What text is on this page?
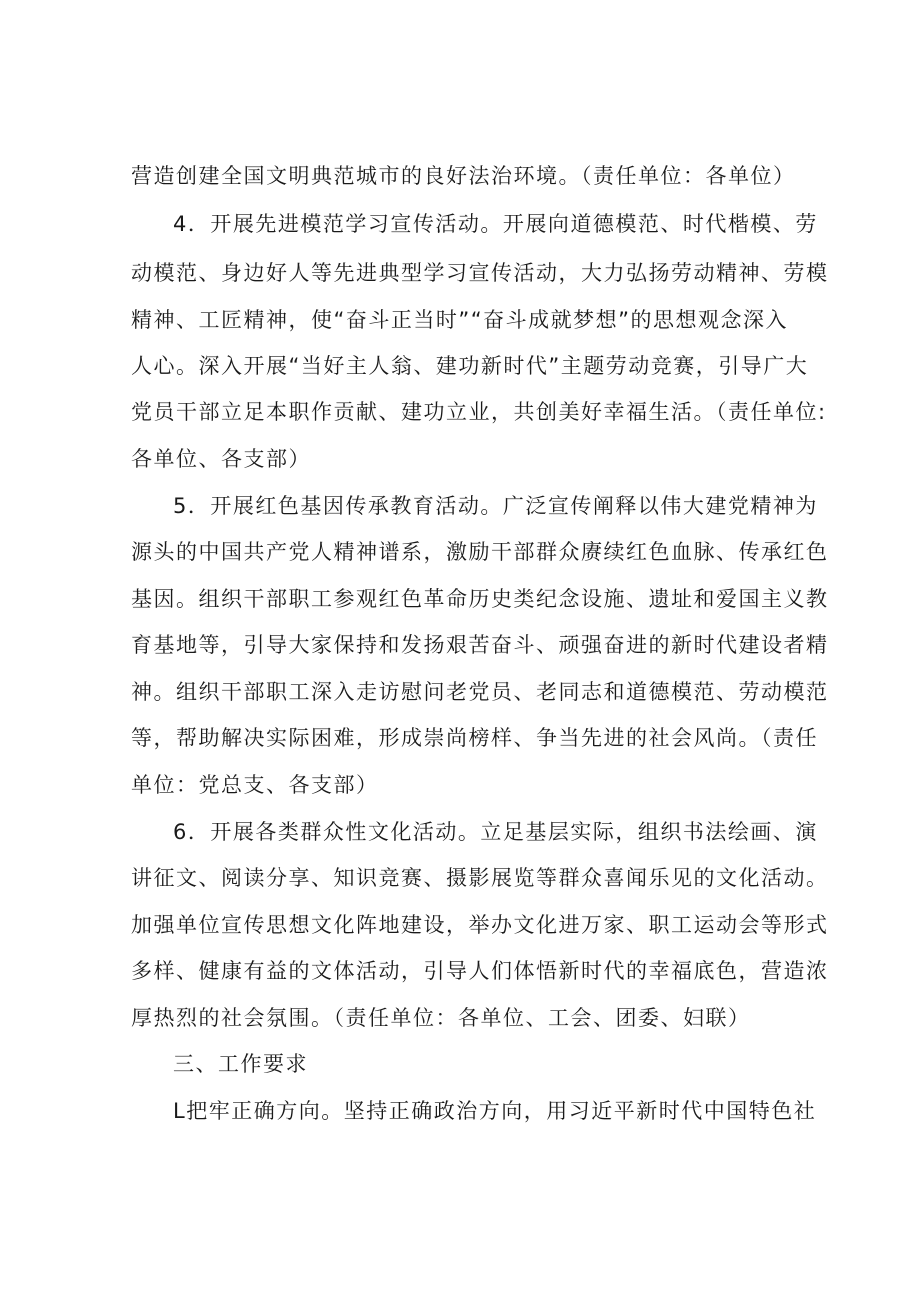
营造创建全国文明典范城市的良好法治环境。（责任单位：各单位）
4．开展先进模范学习宣传活动。开展向道德模范、时代楷模、劳
动模范、身边好人等先进典型学习宣传活动，大力弘扬劳动精神、劳模
精神、工匠精神，使“奋斗正当时”“奋斗成就梦想”的思想观念深入
人心。深入开展“当好主人翁、建功新时代”主题劳动竞赛，引导广大
党员干部立足本职作贡献、建功立业，共创美好幸福生活。（责任单位:
各单位、各支部）
5．开展红色基因传承教育活动。广泛宣传阐释以伟大建党精神为
源头的中国共产党人精神谱系，激励干部群众赓续红色血脉、传承红色
基因。组织干部职工参观红色革命历史类纪念设施、遗址和爱国主义教
育基地等，引导大家保持和发扬艰苦奋斗、顽强奋进的新时代建设者精
神。组织干部职工深入走访慰问老党员、老同志和道德模范、劳动模范
等，帮助解决实际困难，形成崇尚榜样、争当先进的社会风尚。（责任
单位：党总支、各支部）
6．开展各类群众性文化活动。立足基层实际，组织书法绘画、演
讲征文、阅读分享、知识竞赛、摄影展览等群众喜闻乐见的文化活动。
加强单位宣传思想文化阵地建设，举办文化进万家、职工运动会等形式
多样、健康有益的文体活动，引导人们体悟新时代的幸福底色，营造浓
厚热烈的社会氛围。（责任单位：各单位、工会、团委、妇联）
三、工作要求
L把牢正确方向。坚持正确政治方向，用习近平新时代中国特色社
